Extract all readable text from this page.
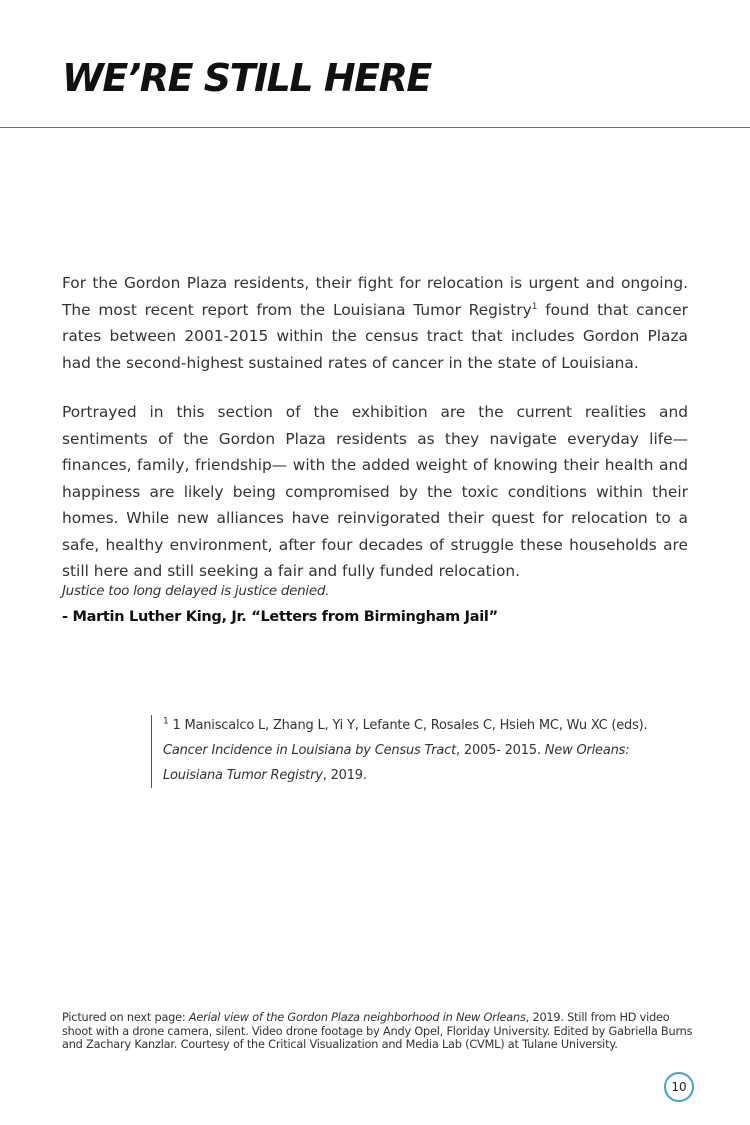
WE’RE STILL HERE

For the Gordon Plaza residents, their fight for relocation is urgent and ongoing. The most recent report from the Louisiana Tumor Registry$^1$ found that cancer rates between 2001-2015 within the census tract that includes Gordon Plaza had the second-highest sustained rates of cancer in the state of Louisiana.

Portrayed in this section of the exhibition are the current realities and sentiments of the Gordon Plaza residents as they navigate everyday life—finances, family, friendship— with the added weight of knowing their health and happiness are likely being compromised by the toxic conditions within their homes. While new alliances have reinvigorated their quest for relocation to a safe, healthy environment, after four decades of struggle these households are still here and still seeking a fair and fully funded relocation.

Justice too long delayed is justice denied.
- Martin Luther King, Jr. “Letters from Birmingham Jail”

$^1$ 1 Maniscalco L, Zhang L, Yi Y, Lefante C, Rosales C, Hsieh MC, Wu XC (eds). Cancer Incidence in Louisiana by Census Tract, 2005- 2015. New Orleans: Louisiana Tumor Registry, 2019.

Pictured on next page: Aerial view of the Gordon Plaza neighborhood in New Orleans, 2019. Still from HD video shoot with a drone camera, silent. Video drone footage by Andy Opel, Floriday University. Edited by Gabriella Burns and Zachary Kanzlar. Courtesy of the Critical Visualization and Media Lab (CVML) at Tulane University.

10
